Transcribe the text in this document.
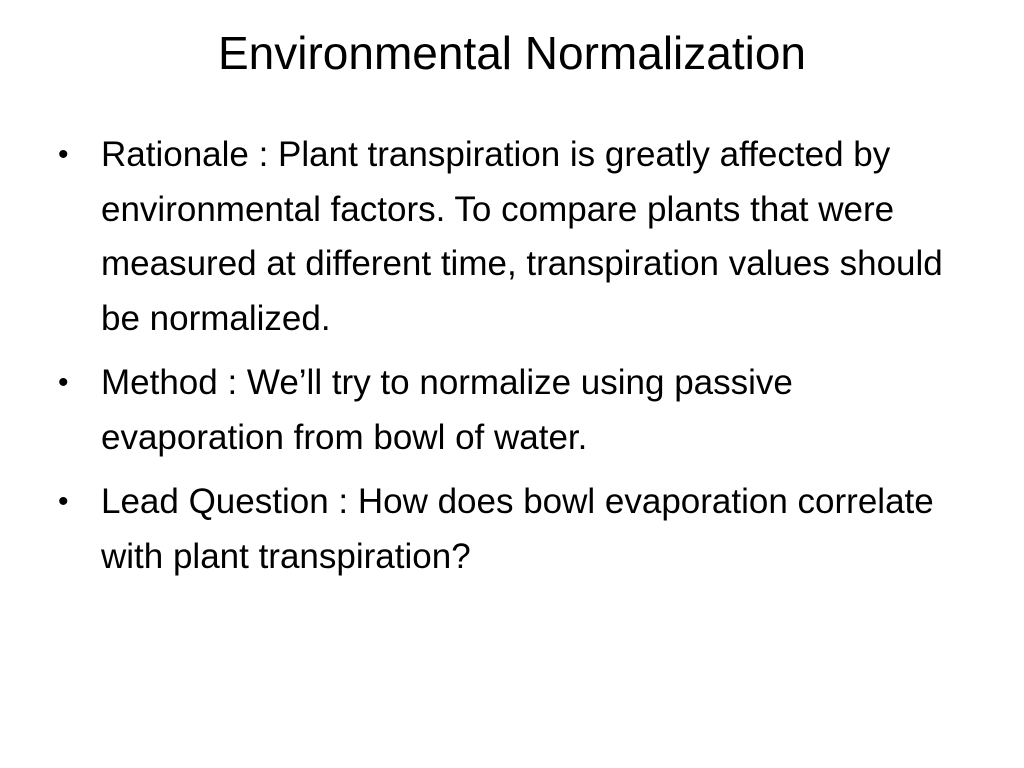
Environmental Normalization
• Rationale : Plant transpiration is greatly affected by environmental factors. To compare plants that were measured at different time, transpiration values should be normalized.
• Method : We’ll try to normalize using passive evaporation from bowl of water.
• Lead Question : How does bowl evaporation correlate with plant transpiration?
